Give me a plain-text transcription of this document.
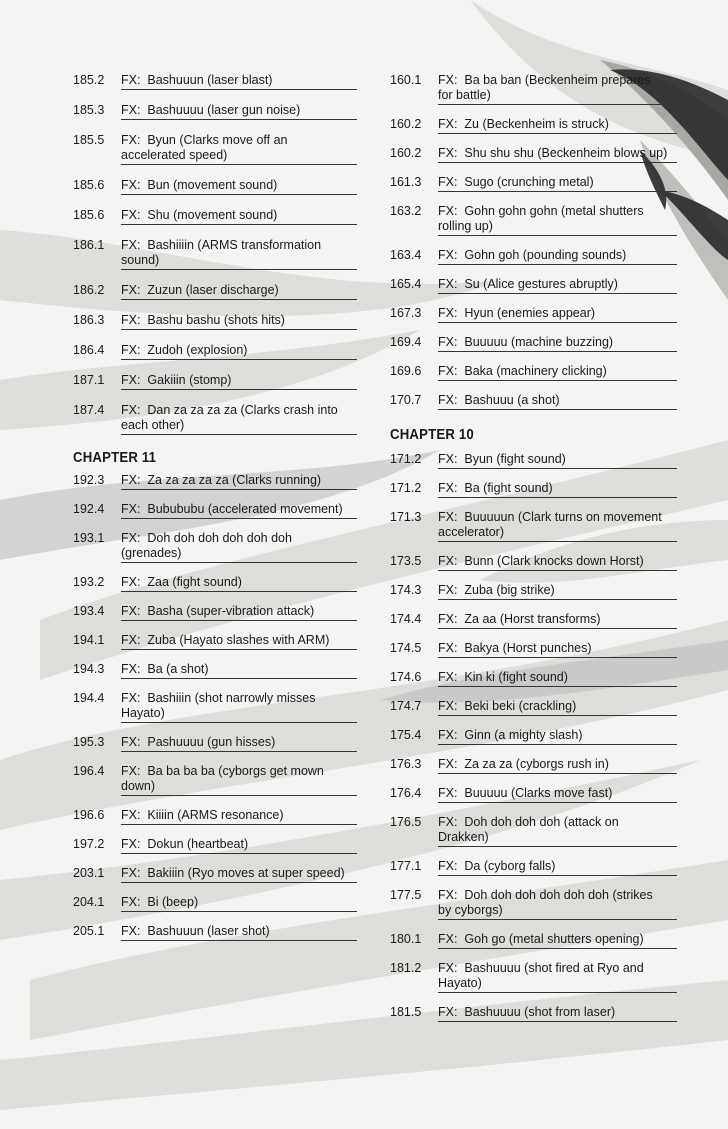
185.2	FX:  Bashuuun (laser blast)
185.3	FX:  Bashuuuu (laser gun noise)
185.5	FX:  Byun (Clarks move off an
accelerated speed)
185.6	FX:  Bun (movement sound)
185.6	FX:  Shu (movement sound)
186.1	FX:  Bashiiiin (ARMS transformation
sound)
186.2	FX:  Zuzun (laser discharge)
186.3	FX:  Bashu bashu (shots hits)
186.4	FX:  Zudoh (explosion)
187.1	FX:  Gakiiin (stomp)
187.4	FX:  Dan za za za za (Clarks crash into
each other)
CHAPTER 11
192.3	FX:  Za za za za za (Clarks running)
192.4	FX:  Bubububu (accelerated movement)
193.1	FX:  Doh doh doh doh doh doh
(grenades)
193.2	FX:  Zaa (fight sound)
193.4	FX:  Basha (super-vibration attack)
194.1	FX:  Zuba (Hayato slashes with ARM)
194.3	FX:  Ba (a shot)
194.4	FX:  Bashiiin (shot narrowly misses
Hayato)
195.3	FX:  Pashuuuu (gun hisses)
196.4	FX:  Ba ba ba ba (cyborgs get mown
down)
196.6	FX:  Kiiiin (ARMS resonance)
197.2	FX:  Dokun (heartbeat)
203.1	FX:  Bakiiin (Ryo moves at super speed)
204.1	FX:  Bi (beep)
205.1	FX:  Bashuuun (laser shot)
160.1	FX:  Ba ba ban (Beckenheim prepares
for battle)
160.2	FX:  Zu (Beckenheim is struck)
160.2	FX:  Shu shu shu (Beckenheim blows up)
161.3	FX:  Sugo (crunching metal)
163.2	FX:  Gohn gohn gohn (metal shutters
rolling up)
163.4	FX:  Gohn goh (pounding sounds)
165.4	FX:  Su (Alice gestures abruptly)
167.3	FX:  Hyun (enemies appear)
169.4	FX:  Buuuuu (machine buzzing)
169.6	FX:  Baka (machinery clicking)
170.7	FX:  Bashuuu (a shot)
CHAPTER 10
171.2	FX:  Byun (fight sound)
171.2	FX:  Ba (fight sound)
171.3	FX:  Buuuuun (Clark turns on movement
accelerator)
173.5	FX:  Bunn (Clark knocks down Horst)
174.3	FX:  Zuba (big strike)
174.4	FX:  Za aa (Horst transforms)
174.5	FX:  Bakya (Horst punches)
174.6	FX:  Kin ki (fight sound)
174.7	FX:  Beki beki (crackling)
175.4	FX:  Ginn (a mighty slash)
176.3	FX:  Za za za (cyborgs rush in)
176.4	FX:  Buuuuu (Clarks move fast)
176.5	FX:  Doh doh doh doh (attack on
Drakken)
177.1	FX:  Da (cyborg falls)
177.5	FX:  Doh doh doh doh doh doh (strikes
by cyborgs)
180.1	FX:  Goh go (metal shutters opening)
181.2	FX:  Bashuuuu (shot fired at Ryo and
Hayato)
181.5	FX:  Bashuuuu (shot from laser)
